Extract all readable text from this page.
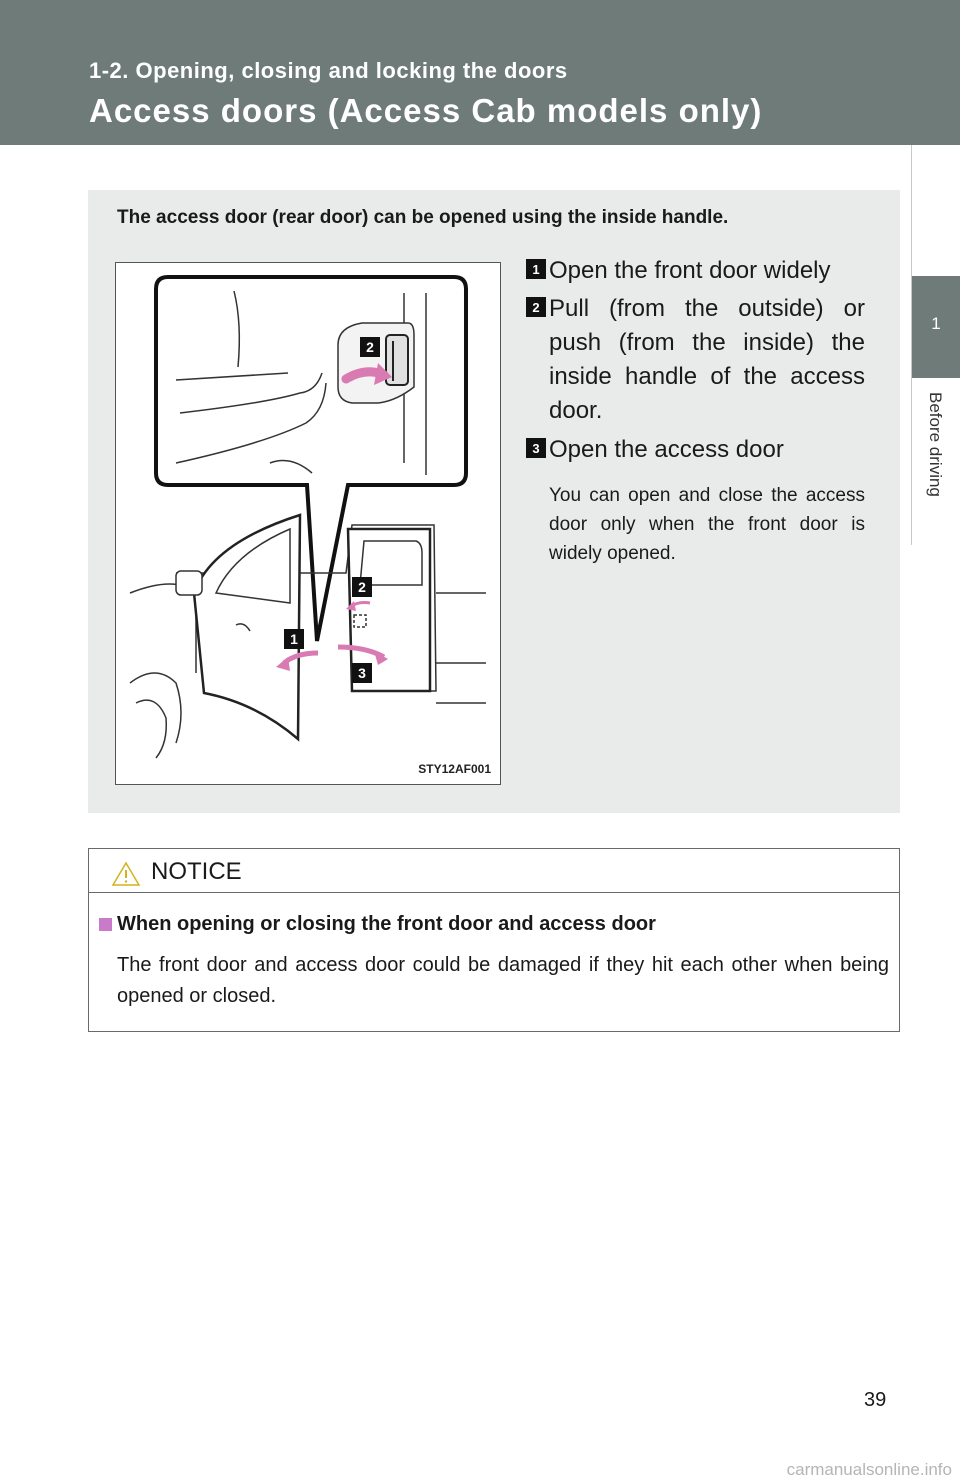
1-2. Opening, closing and locking the doors
Access doors (Access Cab models only)
1
Before driving
The access door (rear door) can be opened using the inside handle.
2
2
1
3
STY12AF001
1 Open the front door widely
2 Pull (from the outside) or push (from the inside) the inside handle of the access door.
3 Open the access door
You can open and close the access door only when the front door is widely opened.
NOTICE
When opening or closing the front door and access door
The front door and access door could be damaged if they hit each other when being opened or closed.
39
carmanualsonline.info
